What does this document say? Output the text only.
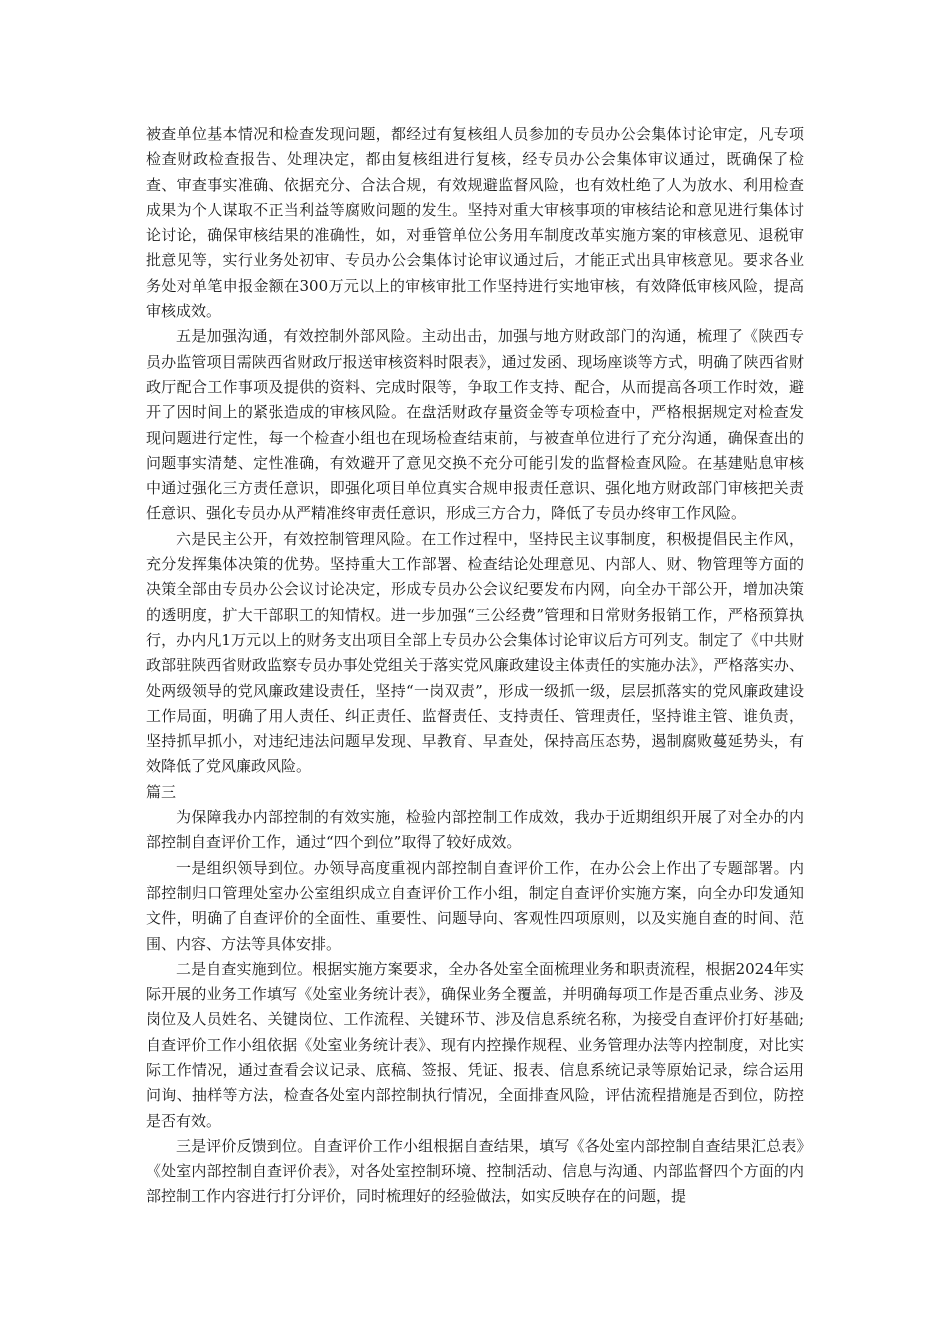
被查单位基本情况和检查发现问题，都经过有复核组人员参加的专员办公会集体讨论审定，凡专项检查财政检查报告、处理决定，都由复核组进行复核，经专员办公会集体审议通过，既确保了检查、审查事实准确、依据充分、合法合规，有效规避监督风险，也有效杜绝了人为放水、利用检查成果为个人谋取不正当利益等腐败问题的发生。坚持对重大审核事项的审核结论和意见进行集体讨论讨论，确保审核结果的准确性，如，对垂管单位公务用车制度改革实施方案的审核意见、退税审批意见等，实行业务处初审、专员办公会集体讨论审议通过后，才能正式出具审核意见。要求各业务处对单笔申报金额在300万元以上的审核审批工作坚持进行实地审核，有效降低审核风险，提高审核成效。

五是加强沟通，有效控制外部风险。主动出击，加强与地方财政部门的沟通，梳理了《陕西专员办监管项目需陕西省财政厅报送审核资料时限表》，通过发函、现场座谈等方式，明确了陕西省财政厅配合工作事项及提供的资料、完成时限等，争取工作支持、配合，从而提高各项工作时效，避开了因时间上的紧张造成的审核风险。在盘活财政存量资金等专项检查中，严格根据规定对检查发现问题进行定性，每一个检查小组也在现场检查结束前，与被查单位进行了充分沟通，确保查出的问题事实清楚、定性准确，有效避开了意见交换不充分可能引发的监督检查风险。在基建贴息审核中通过强化三方责任意识，即强化项目单位真实合规申报责任意识、强化地方财政部门审核把关责任意识、强化专员办从严精准终审责任意识，形成三方合力，降低了专员办终审工作风险。

六是民主公开，有效控制管理风险。在工作过程中，坚持民主议事制度，积极提倡民主作风，充分发挥集体决策的优势。坚持重大工作部署、检查结论处理意见、内部人、财、物管理等方面的决策全部由专员办公会议讨论决定，形成专员办公会议纪要发布内网，向全办干部公开，增加决策的透明度，扩大干部职工的知情权。进一步加强“三公经费”管理和日常财务报销工作，严格预算执行，办内凡1万元以上的财务支出项目全部上专员办公会集体讨论审议后方可列支。制定了《中共财政部驻陕西省财政监察专员办事处党组关于落实党风廉政建设主体责任的实施办法》，严格落实办、处两级领导的党风廉政建设责任，坚持“一岗双责”，形成一级抓一级，层层抓落实的党风廉政建设工作局面，明确了用人责任、纠正责任、监督责任、支持责任、管理责任，坚持谁主管、谁负责，坚持抓早抓小，对违纪违法问题早发现、早教育、早查处，保持高压态势，遏制腐败蔓延势头，有效降低了党风廉政风险。

篇三

为保障我办内部控制的有效实施，检验内部控制工作成效，我办于近期组织开展了对全办的内部控制自查评价工作，通过“四个到位”取得了较好成效。

一是组织领导到位。办领导高度重视内部控制自查评价工作，在办公会上作出了专题部署。内部控制归口管理处室办公室组织成立自查评价工作小组，制定自查评价实施方案，向全办印发通知文件，明确了自查评价的全面性、重要性、问题导向、客观性四项原则，以及实施自查的时间、范围、内容、方法等具体安排。

二是自查实施到位。根据实施方案要求，全办各处室全面梳理业务和职责流程，根据2024年实际开展的业务工作填写《处室业务统计表》，确保业务全覆盖，并明确每项工作是否重点业务、涉及岗位及人员姓名、关键岗位、工作流程、关键环节、涉及信息系统名称，为接受自查评价打好基础;自查评价工作小组依据《处室业务统计表》、现有内控操作规程、业务管理办法等内控制度，对比实际工作情况，通过查看会议记录、底稿、签报、凭证、报表、信息系统记录等原始记录，综合运用问询、抽样等方法，检查各处室内部控制执行情况，全面排查风险，评估流程措施是否到位，防控是否有效。

三是评价反馈到位。自查评价工作小组根据自查结果，填写《各处室内部控制自查结果汇总表》《处室内部控制自查评价表》，对各处室控制环境、控制活动、信息与沟通、内部监督四个方面的内部控制工作内容进行打分评价，同时梳理好的经验做法，如实反映存在的问题，提
